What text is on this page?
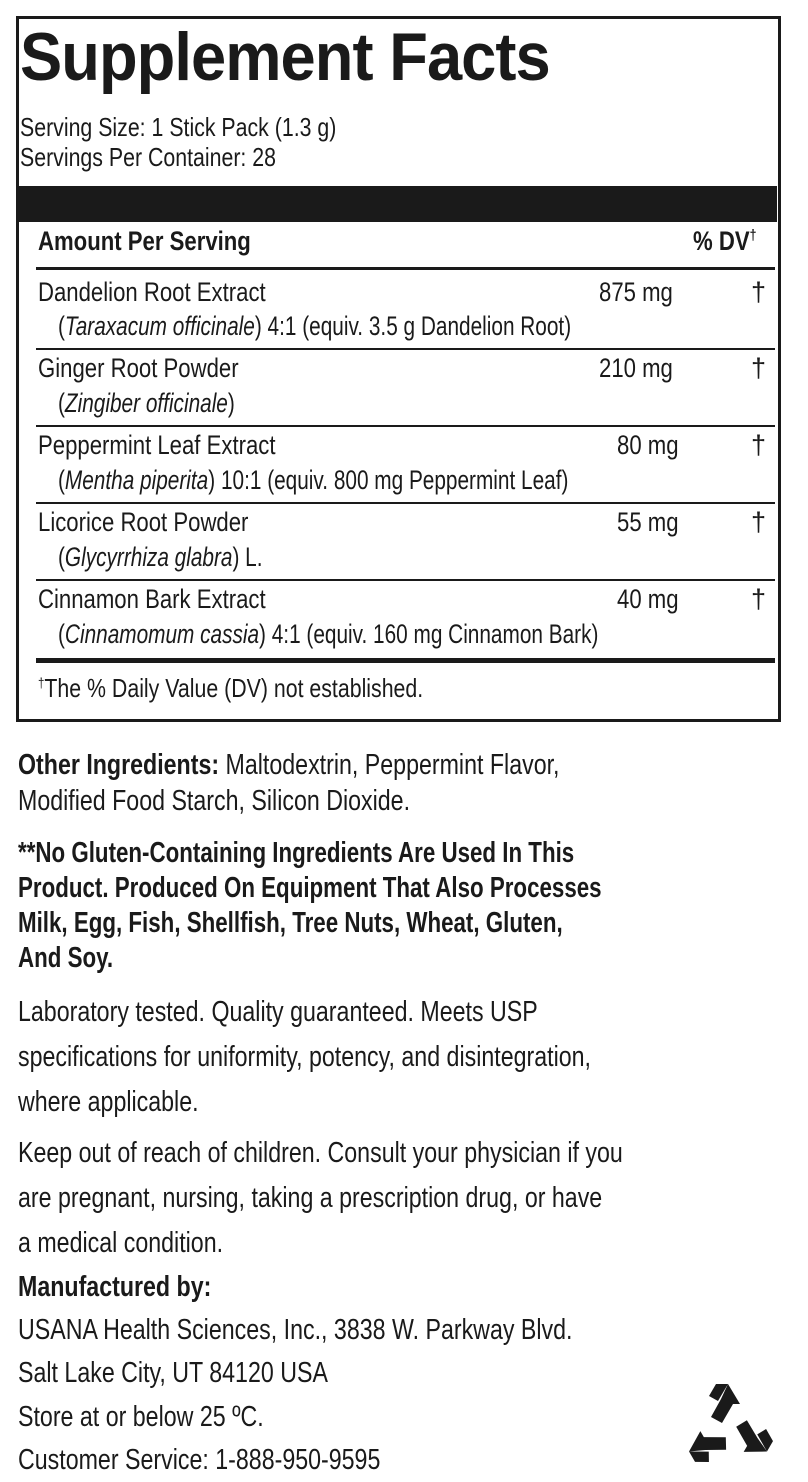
Supplement Facts
Serving Size: 1 Stick Pack (1.3 g)
Servings Per Container: 28
Amount Per Serving	% DV†
Dandelion Root Extract	875 mg	†
(Taraxacum officinale) 4:1 (equiv. 3.5 g Dandelion Root)
Ginger Root Powder	210 mg	†
(Zingiber officinale)
Peppermint Leaf Extract	80 mg	†
(Mentha piperita) 10:1 (equiv. 800 mg Peppermint Leaf)
Licorice Root Powder	55 mg	†
(Glycyrrhiza glabra) L.
Cinnamon Bark Extract	40 mg	†
(Cinnamomum cassia) 4:1 (equiv. 160 mg Cinnamon Bark)
†The % Daily Value (DV) not established.
Other Ingredients: Maltodextrin, Peppermint Flavor,
Modified Food Starch, Silicon Dioxide.
**No Gluten-Containing Ingredients Are Used In This
Product. Produced On Equipment That Also Processes
Milk, Egg, Fish, Shellfish, Tree Nuts, Wheat, Gluten,
And Soy.
Laboratory tested. Quality guaranteed. Meets USP
specifications for uniformity, potency, and disintegration,
where applicable.
Keep out of reach of children. Consult your physician if you
are pregnant, nursing, taking a prescription drug, or have
a medical condition.
Manufactured by:
USANA Health Sciences, Inc., 3838 W. Parkway Blvd.
Salt Lake City, UT 84120 USA
Store at or below 25 ºC.
Customer Service: 1-888-950-9595
